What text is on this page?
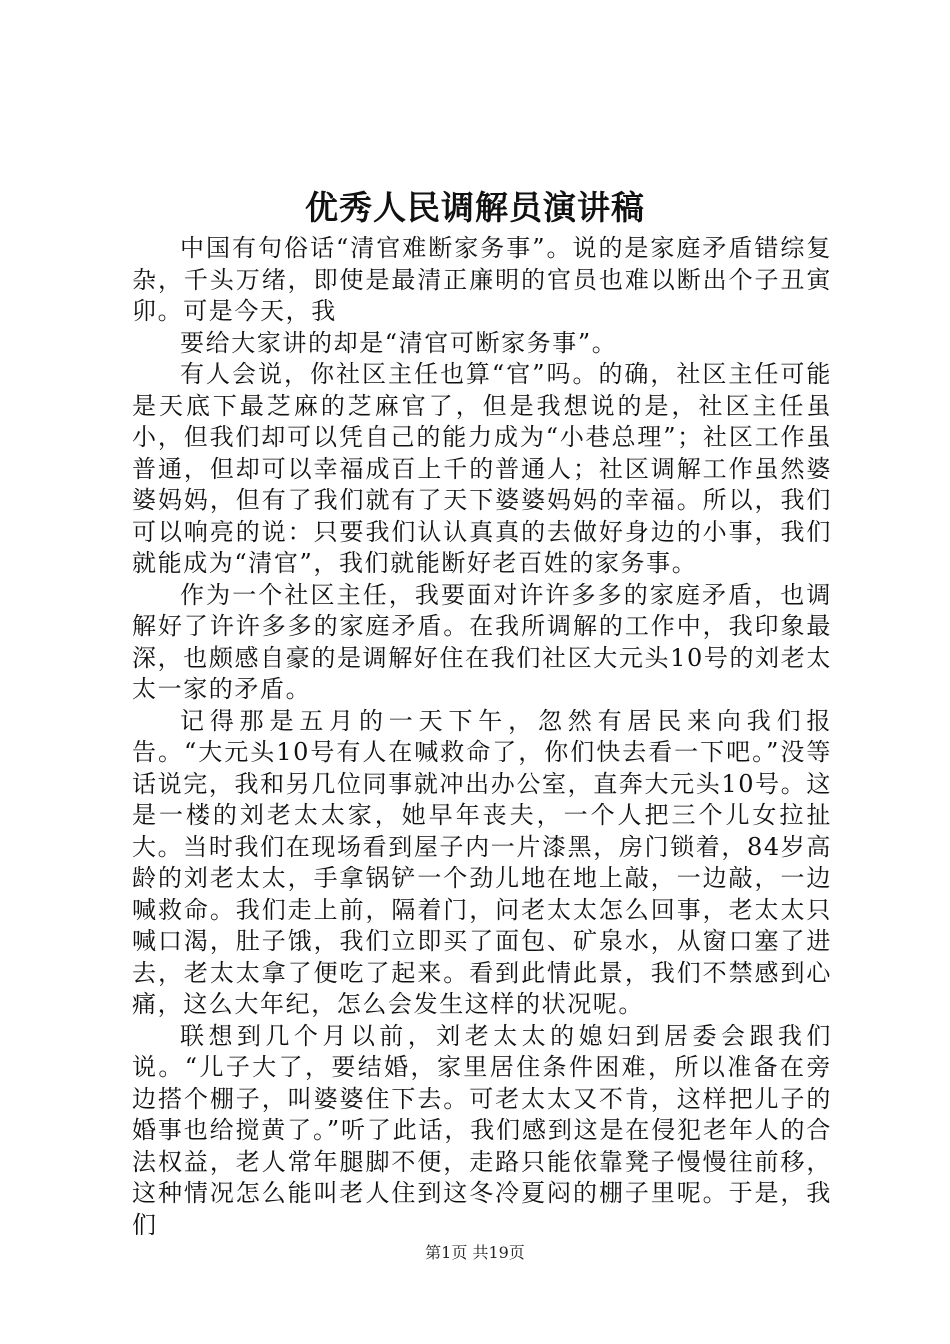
优秀人民调解员演讲稿

中国有句俗话“清官难断家务事”。说的是家庭矛盾错综复杂，千头万绪，即使是最清正廉明的官员也难以断出个子丑寅卯。可是今天，我

要给大家讲的却是“清官可断家务事”。

有人会说，你社区主任也算“官”吗。的确，社区主任可能是天底下最芝麻的芝麻官了，但是我想说的是，社区主任虽小，但我们却可以凭自己的能力成为“小巷总理”；社区工作虽普通，但却可以幸福成百上千的普通人；社区调解工作虽然婆婆妈妈，但有了我们就有了天下婆婆妈妈的幸福。所以，我们可以响亮的说：只要我们认认真真的去做好身边的小事，我们就能成为“清官”，我们就能断好老百姓的家务事。

作为一个社区主任，我要面对许许多多的家庭矛盾，也调解好了许许多多的家庭矛盾。在我所调解的工作中，我印象最深，也颇感自豪的是调解好住在我们社区大元头10号的刘老太太一家的矛盾。

记得那是五月的一天下午，忽然有居民来向我们报告。“大元头10号有人在喊救命了，你们快去看一下吧。”没等话说完，我和另几位同事就冲出办公室，直奔大元头10号。这是一楼的刘老太太家，她早年丧夫，一个人把三个儿女拉扯大。当时我们在现场看到屋子内一片漆黑，房门锁着，84岁高龄的刘老太太，手拿锅铲一个劲儿地在地上敲，一边敲，一边喊救命。我们走上前，隔着门，问老太太怎么回事，老太太只喊口渴，肚子饿，我们立即买了面包、矿泉水，从窗口塞了进去，老太太拿了便吃了起来。看到此情此景，我们不禁感到心痛，这么大年纪，怎么会发生这样的状况呢。

联想到几个月以前，刘老太太的媳妇到居委会跟我们说。“儿子大了，要结婚，家里居住条件困难，所以准备在旁边搭个棚子，叫婆婆住下去。可老太太又不肯，这样把儿子的婚事也给搅黄了。”听了此话，我们感到这是在侵犯老年人的合法权益，老人常年腿脚不便，走路只能依靠凳子慢慢往前移，这种情况怎么能叫老人住到这冬冷夏闷的棚子里呢。于是，我们

第1页 共19页
